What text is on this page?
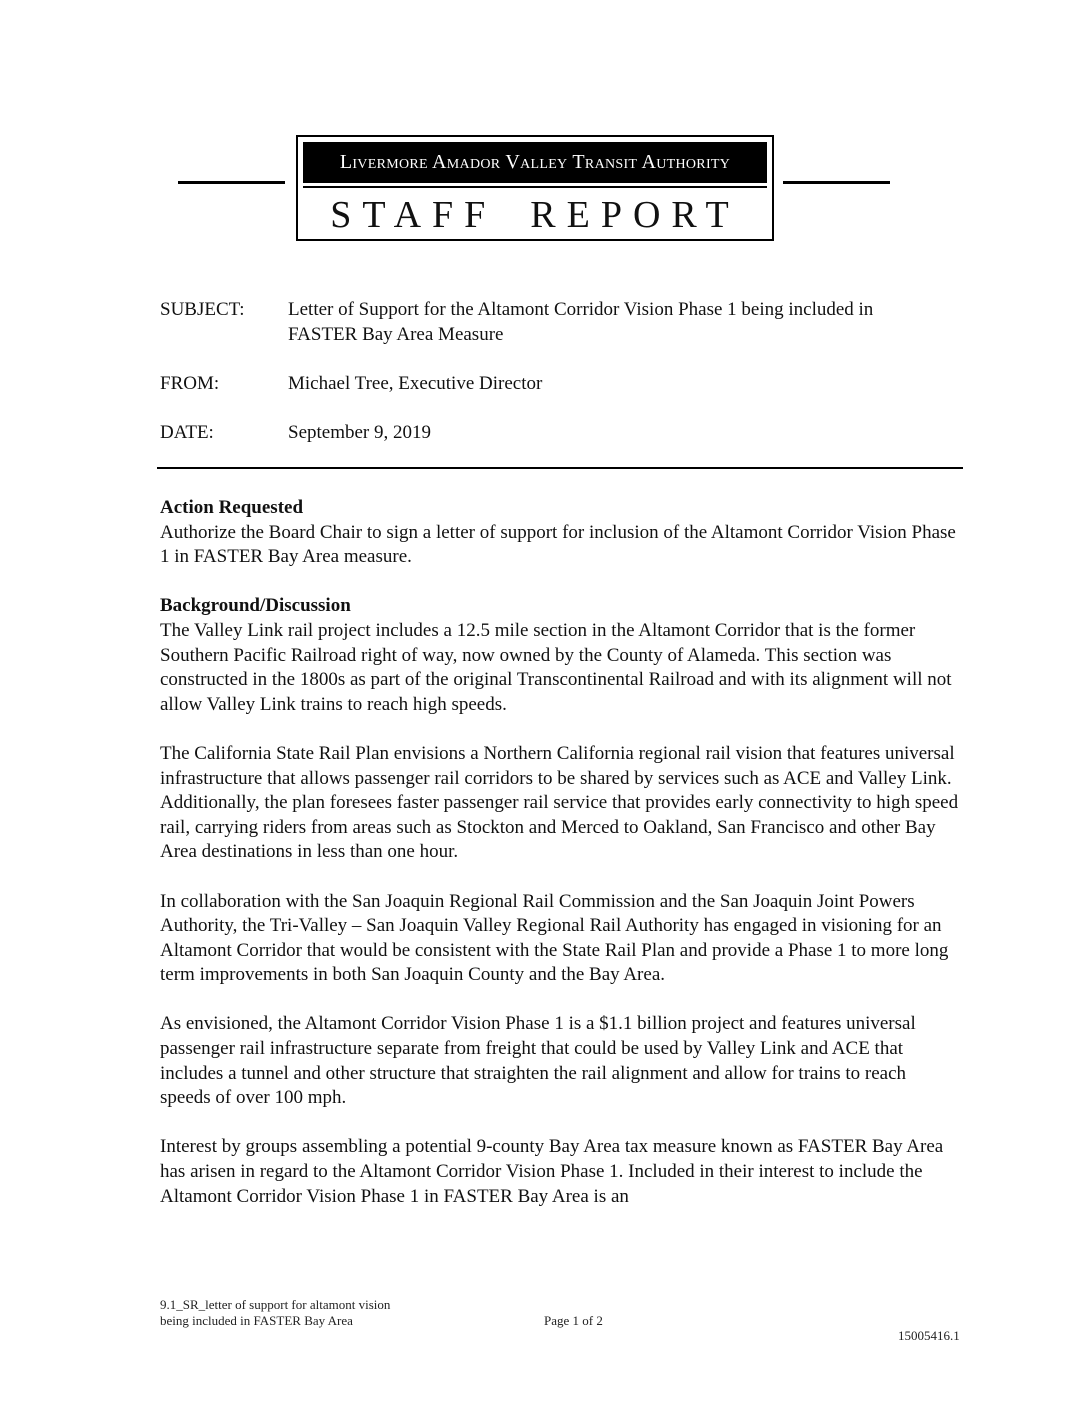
Livermore Amador Valley Transit Authority
STAFF REPORT
SUBJECT: Letter of Support for the Altamont Corridor Vision Phase 1 being included in
FASTER Bay Area Measure
FROM:	Michael Tree, Executive Director
DATE:	September 9, 2019
Action Requested

Authorize the Board Chair to sign a letter of support for inclusion of the Altamont Corridor Vision Phase 1 in FASTER Bay Area measure.

Background/Discussion

The Valley Link rail project includes a 12.5 mile section in the Altamont Corridor that is the former Southern Pacific Railroad right of way, now owned by the County of Alameda. This section was constructed in the 1800s as part of the original Transcontinental Railroad and with its alignment will not allow Valley Link trains to reach high speeds.

The California State Rail Plan envisions a Northern California regional rail vision that features universal infrastructure that allows passenger rail corridors to be shared by services such as ACE and Valley Link. Additionally, the plan foresees faster passenger rail service that provides early connectivity to high speed rail, carrying riders from areas such as Stockton and Merced to Oakland, San Francisco and other Bay Area destinations in less than one hour.

In collaboration with the San Joaquin Regional Rail Commission and the San Joaquin Joint Powers Authority, the Tri-Valley – San Joaquin Valley Regional Rail Authority has engaged in visioning for an Altamont Corridor that would be consistent with the State Rail Plan and provide a Phase 1 to more long term improvements in both San Joaquin County and the Bay Area.

As envisioned, the Altamont Corridor Vision Phase 1 is a $1.1 billion project and features universal passenger rail infrastructure separate from freight that could be used by Valley Link and ACE that includes a tunnel and other structure that straighten the rail alignment and allow for trains to reach speeds of over 100 mph.

Interest by groups assembling a potential 9-county Bay Area tax measure known as FASTER Bay Area has arisen in regard to the Altamont Corridor Vision Phase 1. Included in their interest to include the Altamont Corridor Vision Phase 1 in FASTER Bay Area is an

9.1_SR_letter of support for altamont vision
being included in FASTER Bay Area	Page 1 of 2
15005416.1
